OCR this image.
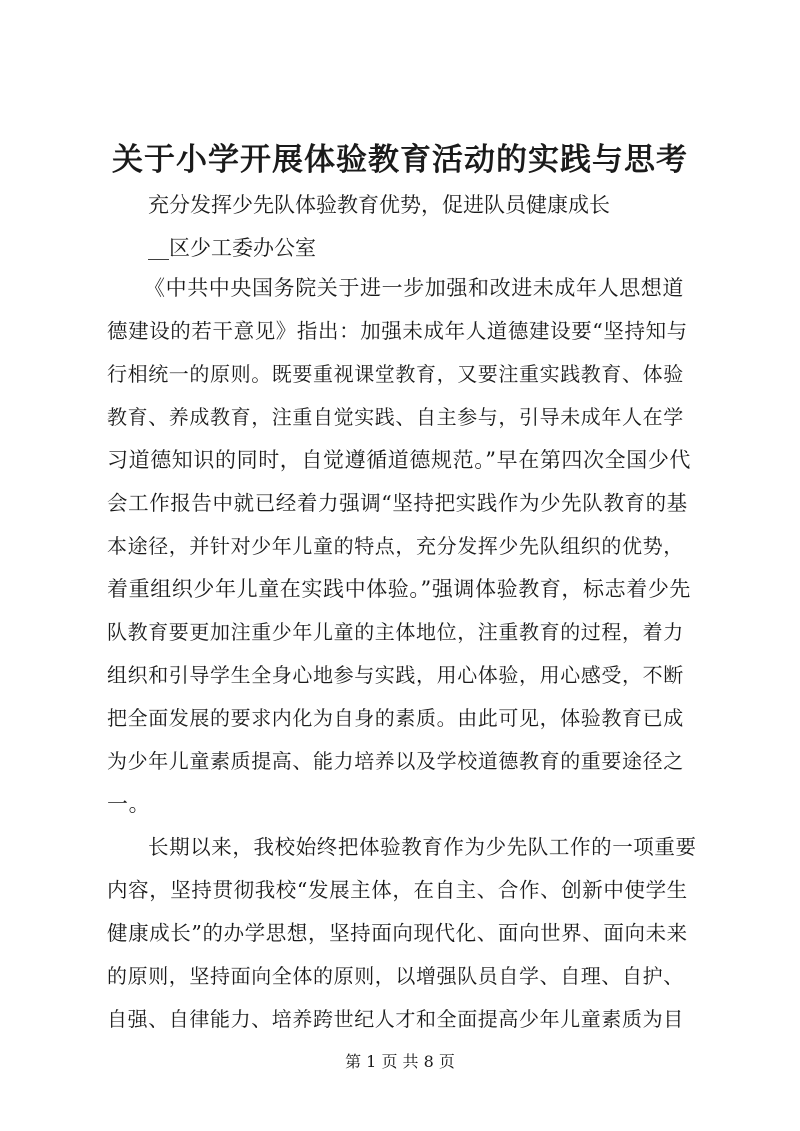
关于小学开展体验教育活动的实践与思考

充分发挥少先队体验教育优势，促进队员健康成长

__区少工委办公室

《中共中央国务院关于进一步加强和改进未成年人思想道

德建设的若干意见》指出：加强未成年人道德建设要“坚持知与

行相统一的原则。既要重视课堂教育，又要注重实践教育、体验

教育、养成教育，注重自觉实践、自主参与，引导未成年人在学

习道德知识的同时，自觉遵循道德规范。”早在第四次全国少代

会工作报告中就已经着力强调“坚持把实践作为少先队教育的基

本途径，并针对少年儿童的特点，充分发挥少先队组织的优势，

着重组织少年儿童在实践中体验。”强调体验教育，标志着少先

队教育要更加注重少年儿童的主体地位，注重教育的过程，着力

组织和引导学生全身心地参与实践，用心体验，用心感受，不断

把全面发展的要求内化为自身的素质。由此可见，体验教育已成

为少年儿童素质提高、能力培养以及学校道德教育的重要途径之

一。

长期以来，我校始终把体验教育作为少先队工作的一项重要

内容，坚持贯彻我校“发展主体，在自主、合作、创新中使学生

健康成长”的办学思想，坚持面向现代化、面向世界、面向未来

的原则，坚持面向全体的原则，以增强队员自学、自理、自护、

自强、自律能力、培养跨世纪人才和全面提高少年儿童素质为目

第 1 页 共 8 页
